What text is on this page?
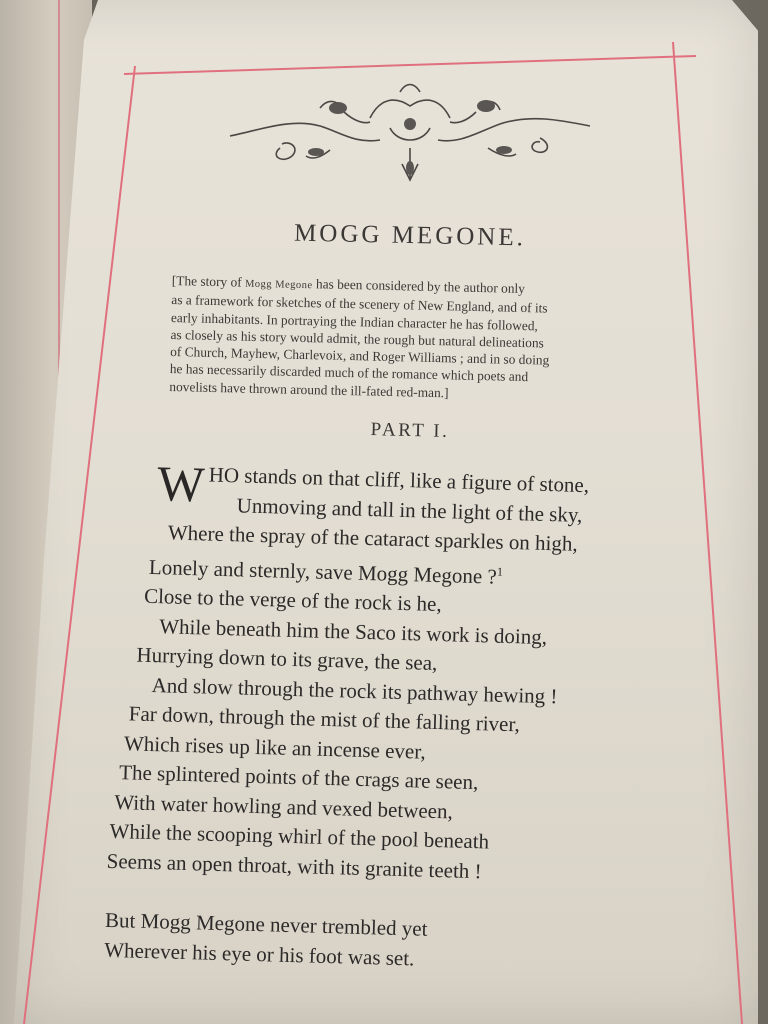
MOGG MEGONE.
[The story of Mogg Megone has been considered by the author only
as a framework for sketches of the scenery of New England, and of its
early inhabitants. In portraying the Indian character he has followed,
as closely as his story would admit, the rough but natural delineations
of Church, Mayhew, Charlevoix, and Roger Williams ; and in so doing
he has necessarily discarded much of the romance which poets and
novelists have thrown around the ill-fated red-man.]
PART I.
W HO stands on that cliff, like a figure of stone,
Unmoving and tall in the light of the sky,
Where the spray of the cataract sparkles on high,
Lonely and sternly, save Mogg Megone ?$^1$
Close to the verge of the rock is he,
While beneath him the Saco its work is doing,
Hurrying down to its grave, the sea,
And slow through the rock its pathway hewing !
Far down, through the mist of the falling river,
Which rises up like an incense ever,
The splintered points of the crags are seen,
With water howling and vexed between,
While the scooping whirl of the pool beneath
Seems an open throat, with its granite teeth !
But Mogg Megone never trembled yet
Wherever his eye or his foot was set.
